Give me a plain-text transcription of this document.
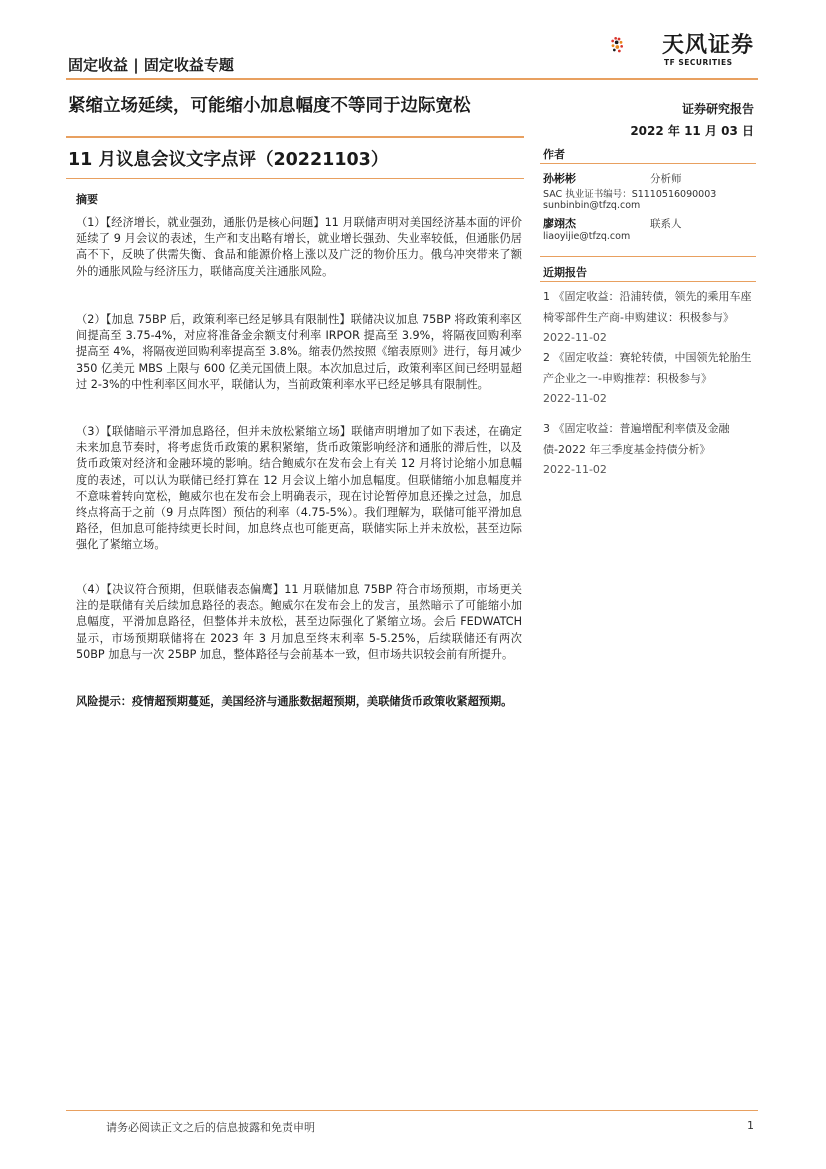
固定收益 | 固定收益专题
天风证券
TF SECURITIES
紧缩立场延续，可能缩小加息幅度不等同于边际宽松	证券研究报告
2022 年 11 月 03 日
11 月议息会议文字点评（20221103）	作者
孙彬彬	分析师
SAC 执业证书编号：S1110516090003
sunbinbin@tfzq.com
廖翊杰	联系人
liaoyijie@tfzq.com
近期报告
1 《固定收益：沿浦转债，领先的乘用车座椅零部件生产商-申购建议：积极参与》 2022-11-02
2 《固定收益：赛轮转债，中国领先轮胎生产企业之一-申购推荐：积极参与》
2022-11-02
3 《固定收益：普遍增配利率债及金融债-2022 年三季度基金持债分析》
2022-11-02
摘要

（1）【经济增长，就业强劲，通胀仍是核心问题】11 月联储声明对美国经济基本面的评价延续了 9 月会议的表述，生产和支出略有增长，就业增长强劲、失业率较低，但通胀仍居高不下，反映了供需失衡、食品和能源价格上涨以及广泛的物价压力。俄乌冲突带来了额外的通胀风险与经济压力，联储高度关注通胀风险。

（2）【加息 75BP 后，政策利率已经足够具有限制性】联储决议加息 75BP 将政策利率区间提高至 3.75-4%，对应将准备金余额支付利率 IRPOR 提高至 3.9%，将隔夜回购利率提高至 4%，将隔夜逆回购利率提高至 3.8%。缩表仍然按照《缩表原则》进行，每月减少 350 亿美元 MBS 上限与 600 亿美元国债上限。本次加息过后，政策利率区间已经明显超过 2-3%的中性利率区间水平，联储认为，当前政策利率水平已经足够具有限制性。

（3）【联储暗示平滑加息路径，但并未放松紧缩立场】联储声明增加了如下表述，在确定未来加息节奏时，将考虑货币政策的累积紧缩，货币政策影响经济和通胀的滞后性，以及货币政策对经济和金融环境的影响。结合鲍威尔在发布会上有关 12 月将讨论缩小加息幅度的表述，可以认为联储已经打算在 12 月会议上缩小加息幅度。但联储缩小加息幅度并不意味着转向宽松，鲍威尔也在发布会上明确表示，现在讨论暂停加息还操之过急，加息终点将高于之前（9 月点阵图）预估的利率（4.75-5%）。我们理解为，联储可能平滑加息路径，但加息可能持续更长时间，加息终点也可能更高，联储实际上并未放松，甚至边际强化了紧缩立场。

（4）【决议符合预期，但联储表态偏鹰】11 月联储加息 75BP 符合市场预期，市场更关注的是联储有关后续加息路径的表态。鲍威尔在发布会上的发言，虽然暗示了可能缩小加息幅度，平滑加息路径，但整体并未放松，甚至边际强化了紧缩立场。会后 FEDWATCH 显示，市场预期联储将在 2023 年 3 月加息至终末利率 5-5.25%，后续联储还有两次 50BP 加息与一次 25BP 加息，整体路径与会前基本一致，但市场共识较会前有所提升。

风险提示：疫情超预期蔓延，美国经济与通胀数据超预期，美联储货币政策收紧超预期。
请务必阅读正文之后的信息披露和免责申明	1
